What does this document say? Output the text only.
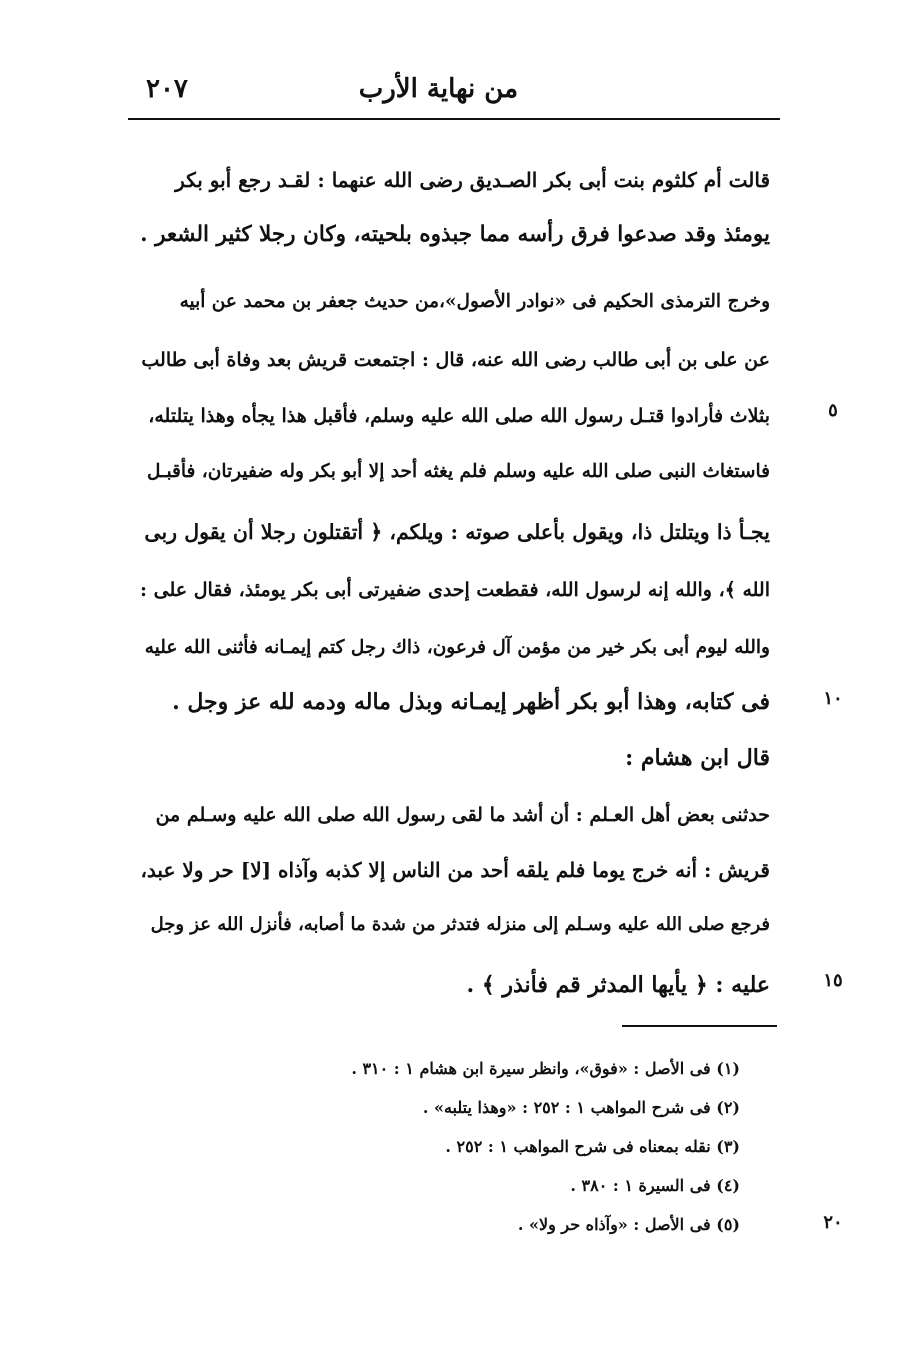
من نهاية الأرب
٢٠٧
قالت أم كلثوم بنت أبى بكر الصـديق رضى الله عنهما : لقـد رجع أبو بكر
يومئذ وقد صدعوا فرق رأسه مما جبذوه بلحيته، وكان رجلا كثير الشعر .
وخرج الترمذى الحكيم فى «نوادر الأصول»،من حديث جعفر بن محمد عن أبيه
عن على بن أبى طالب رضى الله عنه، قال : اجتمعت قريش بعد وفاة أبى طالب
بثلاث فأرادوا قتـل رسول الله صلى الله عليه وسلم، فأقبل هذا يجأه وهذا يتلتله،
فاستغاث النبى صلى الله عليه وسلم فلم يغثه أحد إلا أبو بكر وله ضفيرتان، فأقبـل
يجـأ ذا ويتلتل ذا، ويقول بأعلى صوته : ويلكم، ﴿ أتقتلون رجلا أن يقول ربى
الله ﴾، والله إنه لرسول الله، فقطعت إحدى ضفيرتى أبى بكر يومئذ، فقال على :
والله ليوم أبى بكر خير من مؤمن آل فرعون، ذاك رجل كتم إيمـانه فأثنى الله عليه
فى كتابه، وهذا أبو بكر أظهر إيمـانه وبذل ماله ودمه لله عز وجل .
قال ابن هشام :
حدثنى بعض أهل العـلم : أن أشد ما لقى رسول الله صلى الله عليه وسـلم من
قريش : أنه خرج يوما فلم يلقه أحد من الناس إلا كذبه وآذاه [لا] حر ولا عبد،
فرجع صلى الله عليه وسـلم إلى منزله فتدثر من شدة ما أصابه، فأنزل الله عز وجل
عليه : ﴿ يأيها المدثر قم فأنذر ﴾ .
٥
١٠
١٥
٢٠
(١) فى الأصل : «فوق»، وانظر سيرة ابن هشام ١ : ٣١٠ .
(٢) فى شرح المواهب ١ : ٢٥٢ : «وهذا يتلبه» .
(٣) نقله بمعناه فى شرح المواهب ١ : ٢٥٢ .
(٤) فى السيرة ١ : ٣٨٠ .
(٥) فى الأصل : «وآذاه حر ولا» .
